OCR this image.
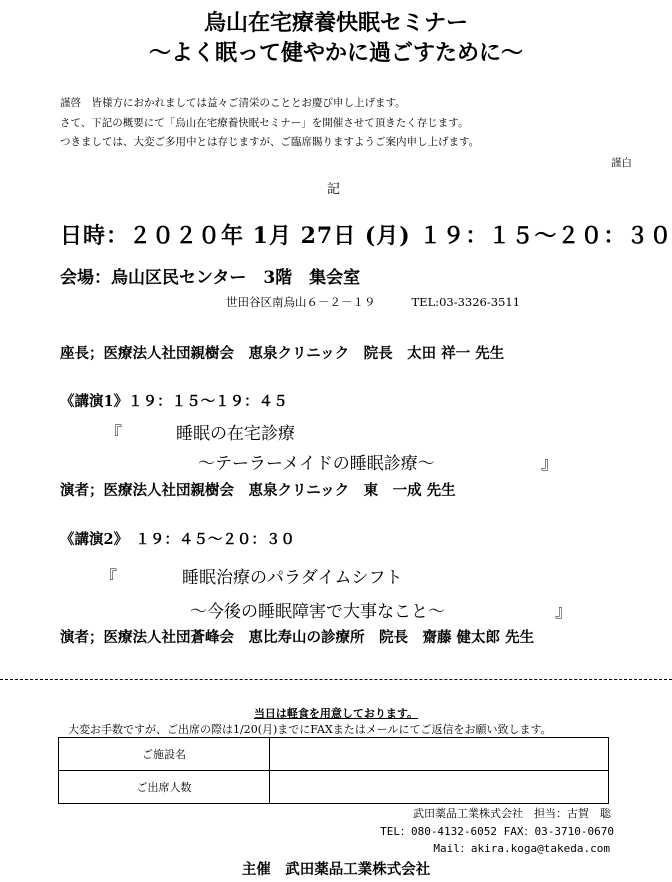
烏山在宅療養快眠セミナー
～よく眠って健やかに過ごすために～
謹啓　皆様方におかれましては益々ご清栄のこととお慶び申し上げます。
さて、下記の概要にて「烏山在宅療養快眠セミナー」を開催させて頂きたく存じます。
つきましては、大変ご多用中とは存じますが、ご臨席賜りますようご案内申し上げます。
謹白
記
日時：２０２０年 1月 27日 (月) １９：１５～２０：３０
会場：烏山区民センター　3階　集会室
世田谷区南烏山６－２－１９	TEL:03-3326-3511
座長；医療法人社団親樹会　恵泉クリニック　院長　太田 祥一 先生
《講演1》１９：１５～１９：４５
『	睡眠の在宅診療
～テーラーメイドの睡眠診療～	』
演者；医療法人社団親樹会　恵泉クリニック　東　一成 先生
《講演2》　１９：４５～２０：３０
『	睡眠治療のパラダイムシフト
～今後の睡眠障害で大事なこと～	』
演者；医療法人社団蒼峰会　恵比寿山の診療所　院長　齋藤 健太郎 先生
当日は軽食を用意しております。
大変お手数ですが、ご出席の際は1/20(月)までにFAXまたはメールにてご返信をお願い致します。
ご施設名	
ご出席人数	
武田薬品工業株式会社　担当：古賀　聡
TEL：080-4132-6052 FAX：03-3710-0670
Mail：akira.koga@takeda.com
主催　武田薬品工業株式会社
